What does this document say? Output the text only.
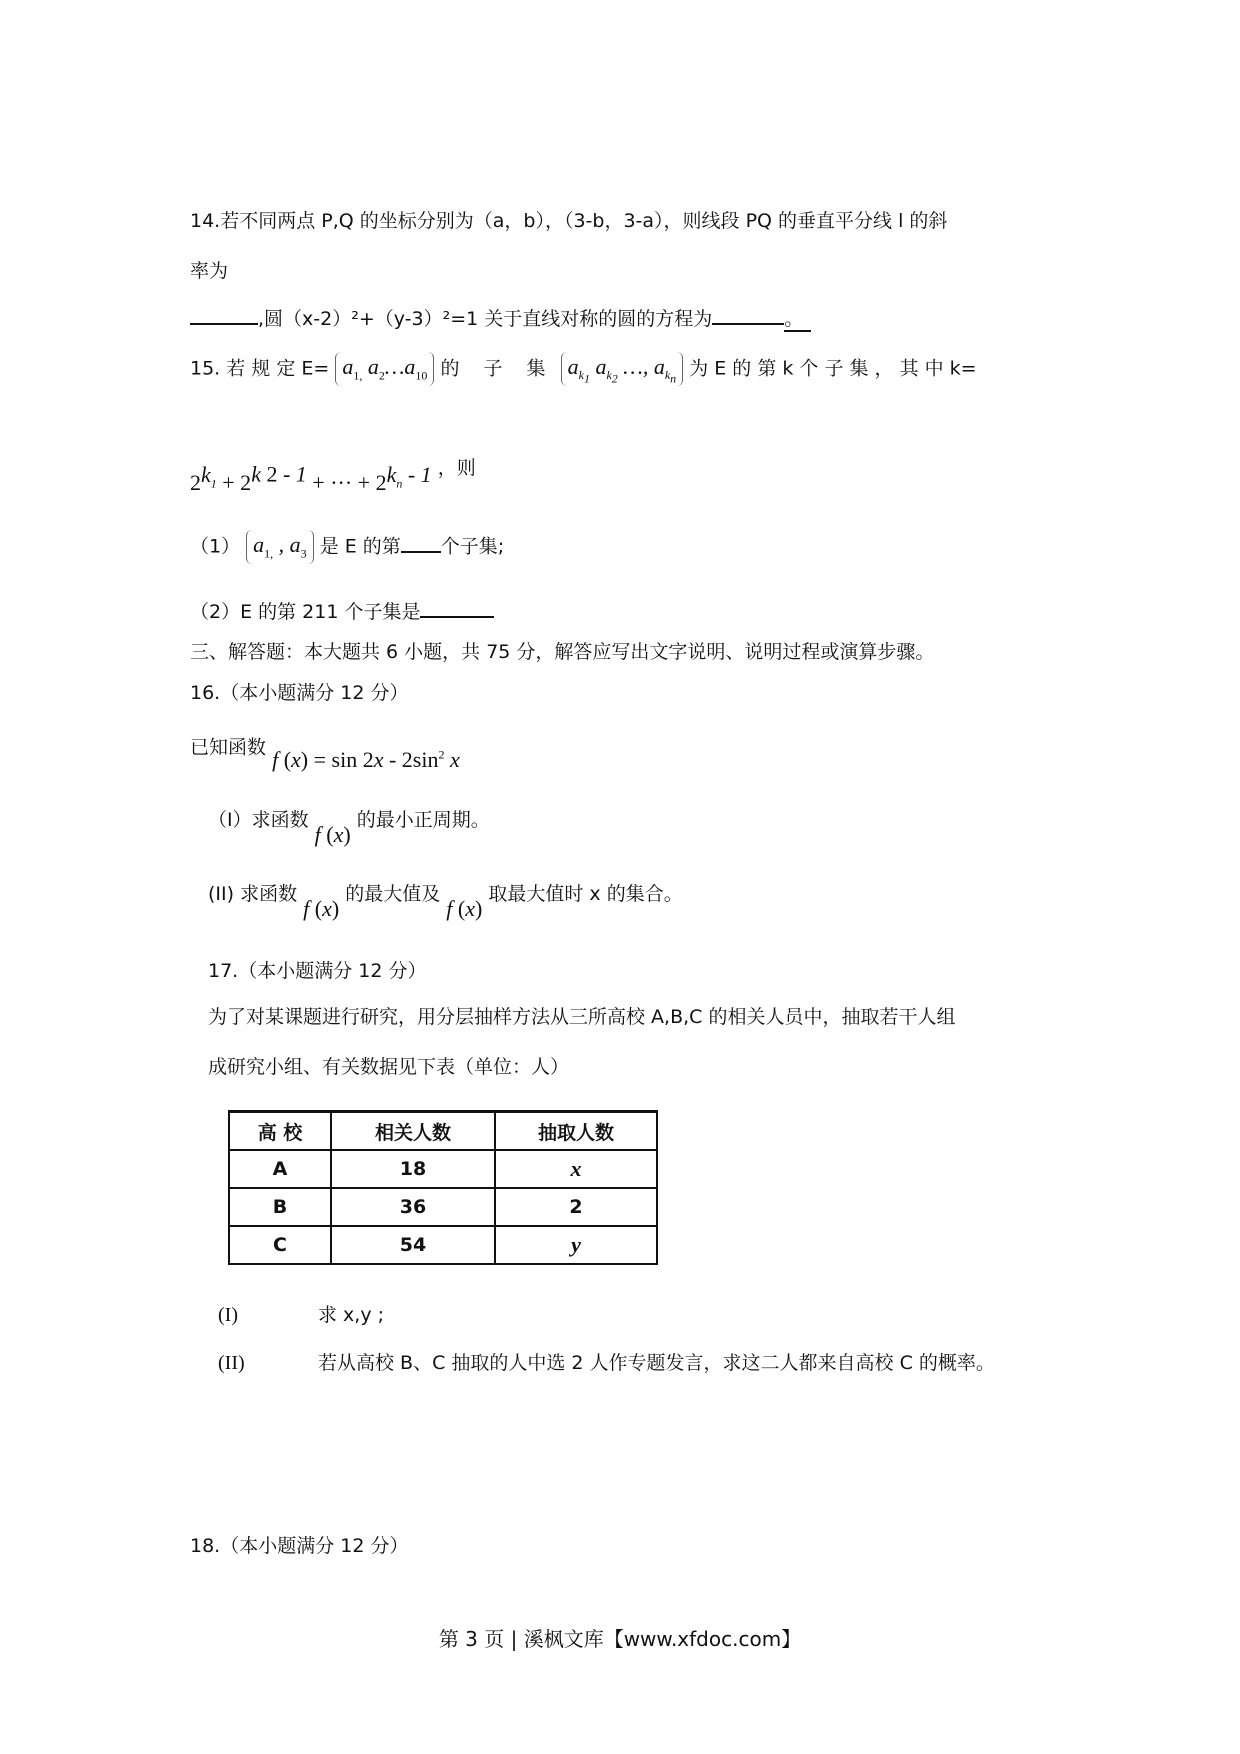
14.若不同两点 P,Q 的坐标分别为（a，b），（3-b，3-a），则线段 PQ 的垂直平分线 l 的斜
率为
,圆（x-2）²+（y-3）²=1 关于直线对称的圆的方程为	。
15. 若 规 定 $E= a_{1,}$ $a_2\dots a_{10}$ 的 子 集 $a_{k_1}$ $a_{k_2}$ …, $a_{k_n}$ 为 E 的 第 k 个 子 集 ， 其 中 k=
$2^{k_1} + 2^{k 2 - 1}$ + ··· + $2^{k_n - 1}$ ，则
（1） $a_{1,}$ , $a_3$ 是 E 的第 个子集;
（2）E 的第 211 个子集是
三、解答题：本大题共 6 小题，共 75 分，解答应写出文字说明、说明过程或演算步骤。
16.（本小题满分 12 分）
已知函数 f $(x) = \sin 2x - 2\sin^2$ x
（I）求函数 f (x) 的最小正周期。
(II) 求函数 f (x) 的最大值及 f (x) 取最大值时 x 的集合。
17.（本小题满分 12 分）
为了对某课题进行研究，用分层抽样方法从三所高校 A,B,C 的相关人员中，抽取若干人组
成研究小组、有关数据见下表（单位：人）
高 校	相关人数	抽取人数
A	18	x
B	36	2
C	54	y
(I)	求 x,y ;
(II)	若从高校 B、C 抽取的人中选 2 人作专题发言，求这二人都来自高校 C 的概率。
18.（本小题满分 12 分）
第 3 页 | 溪枫文库【www.xfdoc.com】
